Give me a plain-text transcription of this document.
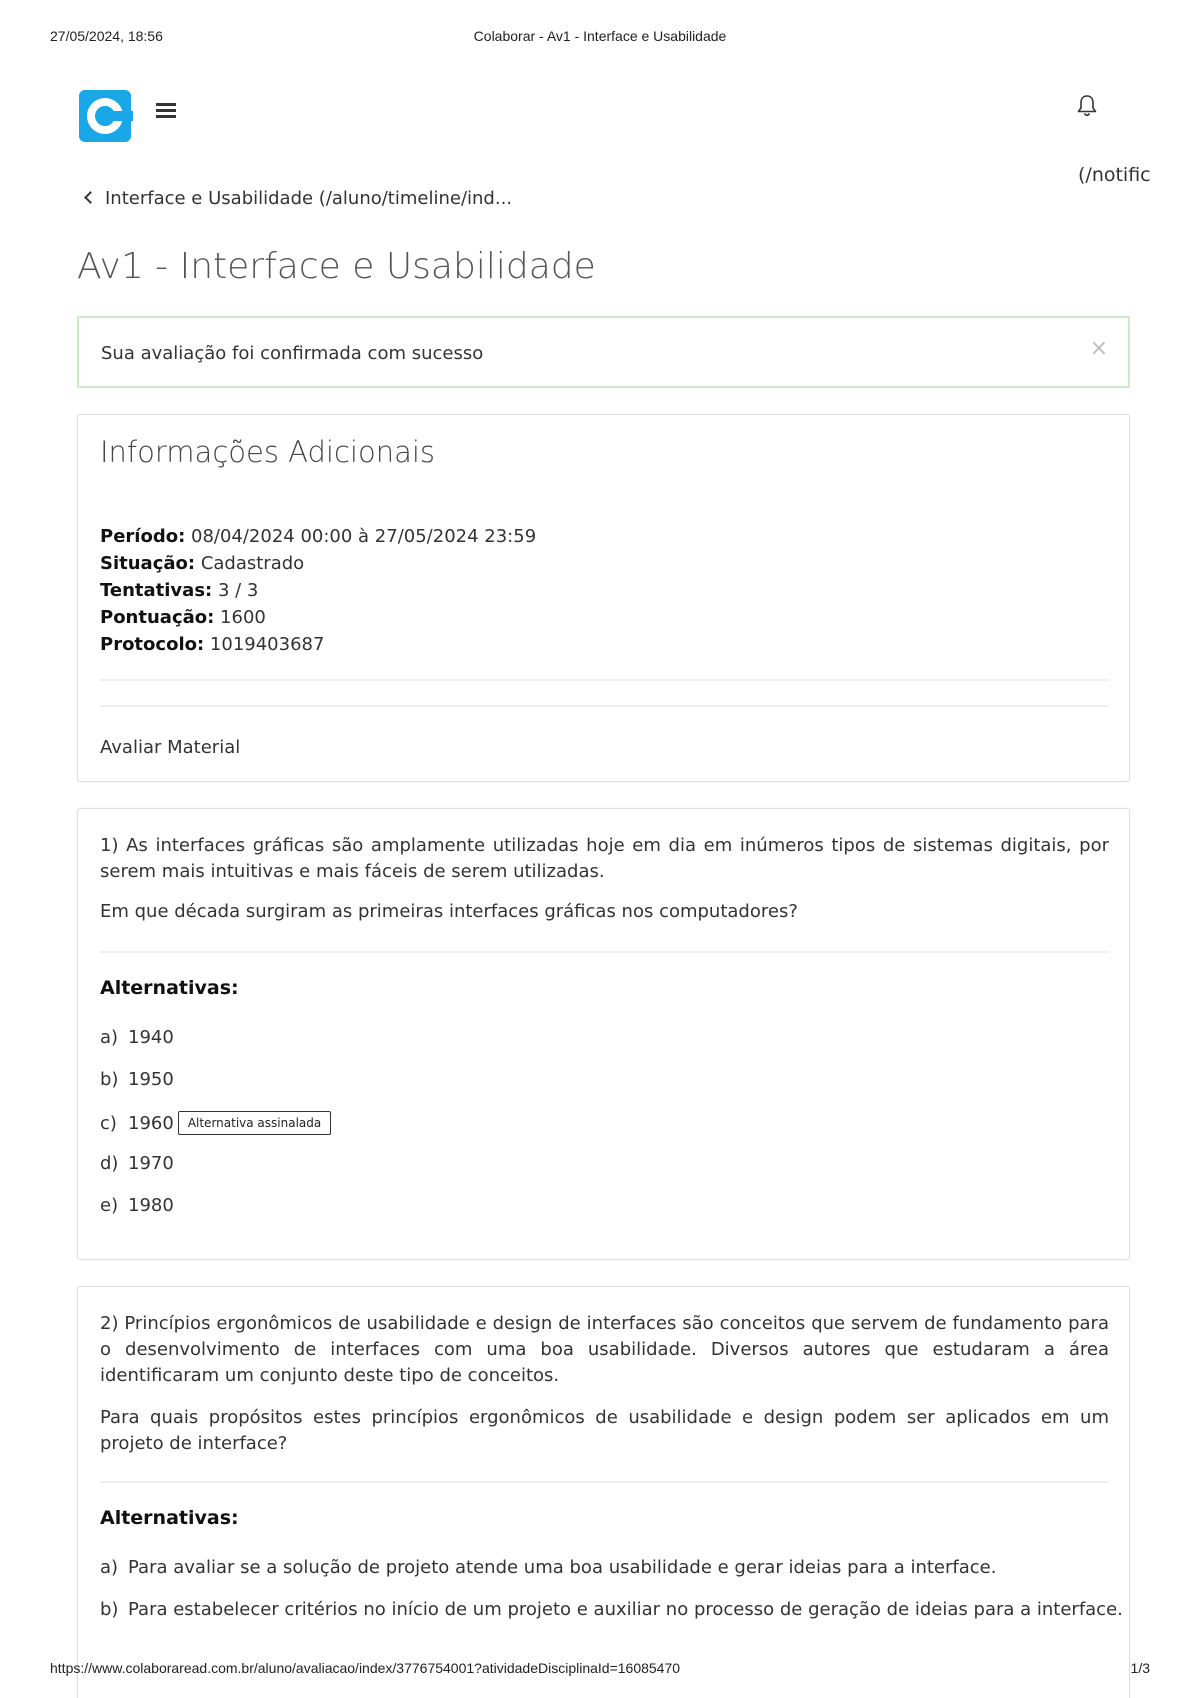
27/05/2024, 18:56	Colaborar - Av1 - Interface e Usabilidade
(/notific
Interface e Usabilidade (/aluno/timeline/ind...
Av1 - Interface e Usabilidade
Sua avaliação foi confirmada com sucesso	×
Informações Adicionais
Período: 08/04/2024 00:00 à 27/05/2024 23:59
Situação: Cadastrado
Tentativas: 3 / 3
Pontuação: 1600
Protocolo: 1019403687
Avaliar Material
1) As interfaces gráficas são amplamente utilizadas hoje em dia em inúmeros tipos de sistemas digitais, por serem mais intuitivas e mais fáceis de serem utilizadas.
Em que década surgiram as primeiras interfaces gráficas nos computadores?
Alternativas:
a) 1940
b) 1950
c) 1960 Alternativa assinalada
d) 1970
e) 1980
2) Princípios ergonômicos de usabilidade e design de interfaces são conceitos que servem de fundamento para o desenvolvimento de interfaces com uma boa usabilidade. Diversos autores que estudaram a área identificaram um conjunto deste tipo de conceitos.
Para quais propósitos estes princípios ergonômicos de usabilidade e design podem ser aplicados em um projeto de interface?
Alternativas:
a) Para avaliar se a solução de projeto atende uma boa usabilidade e gerar ideias para a interface.
b) Para estabelecer critérios no início de um projeto e auxiliar no processo de geração de ideias para a interface.
https://www.colaboraread.com.br/aluno/avaliacao/index/3776754001?atividadeDisciplinaId=16085470	1/3
